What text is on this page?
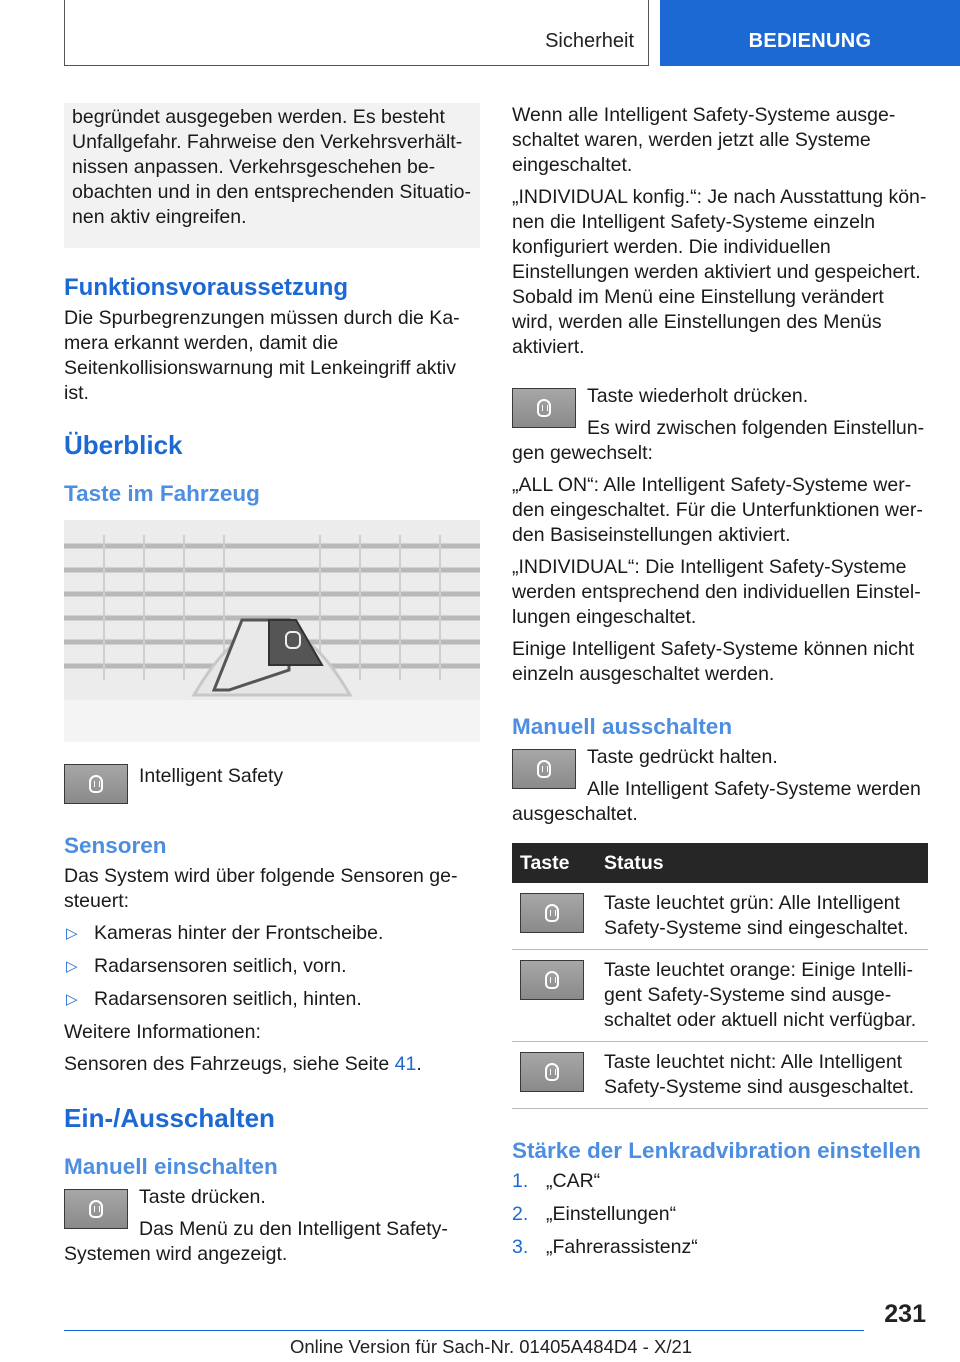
Sicherheit	BEDIENUNG

begründet ausgegeben werden. Es besteht Unfallgefahr. Fahrweise den Verkehrsverhältnissen anpassen. Verkehrsgeschehen beobachten und in den entsprechenden Situationen aktiv eingreifen.

Funktionsvoraussetzung

Die Spurbegrenzungen müssen durch die Kamera erkannt werden, damit die Seitenkollisionswarnung mit Lenkeingriff aktiv ist.

Überblick
Taste im Fahrzeug

Intelligent Safety

Sensoren

Das System wird über folgende Sensoren gesteuert:

▷ Kameras hinter der Frontscheibe.
▷ Radarsensoren seitlich, vorn.
▷ Radarsensoren seitlich, hinten.

Weitere Informationen:

Sensoren des Fahrzeugs, siehe Seite 41.

Ein-/Ausschalten
Manuell einschalten

Taste drücken.

Das Menü zu den Intelligent Safety-Systemen wird angezeigt.

Wenn alle Intelligent Safety-Systeme ausgeschaltet waren, werden jetzt alle Systeme eingeschaltet.

„INDIVIDUAL konfig.“: Je nach Ausstattung können die Intelligent Safety-Systeme einzeln konfiguriert werden. Die individuellen Einstellungen werden aktiviert und gespeichert. Sobald im Menü eine Einstellung verändert wird, werden alle Einstellungen des Menüs aktiviert.

Taste wiederholt drücken.

Es wird zwischen folgenden Einstellungen gewechselt:

„ALL ON“: Alle Intelligent Safety-Systeme werden eingeschaltet. Für die Unterfunktionen werden Basiseinstellungen aktiviert.

„INDIVIDUAL“: Die Intelligent Safety-Systeme werden entsprechend den individuellen Einstellungen eingeschaltet.

Einige Intelligent Safety-Systeme können nicht einzeln ausgeschaltet werden.

Manuell ausschalten

Taste gedrückt halten.

Alle Intelligent Safety-Systeme werden ausgeschaltet.

Taste	Status

	Taste leuchtet grün: Alle Intelligent Safety-Systeme sind eingeschaltet.

	Taste leuchtet orange: Einige Intelligent Safety-Systeme sind ausgeschaltet oder aktuell nicht verfügbar.

	Taste leuchtet nicht: Alle Intelligent Safety-Systeme sind ausgeschaltet.
Stärke der Lenkradvibration einstellen
1. „CAR“
2. „Einstellungen“
3. „Fahrerassistenz“
231
Online Version für Sach-Nr. 01405A484D4 - X/21
